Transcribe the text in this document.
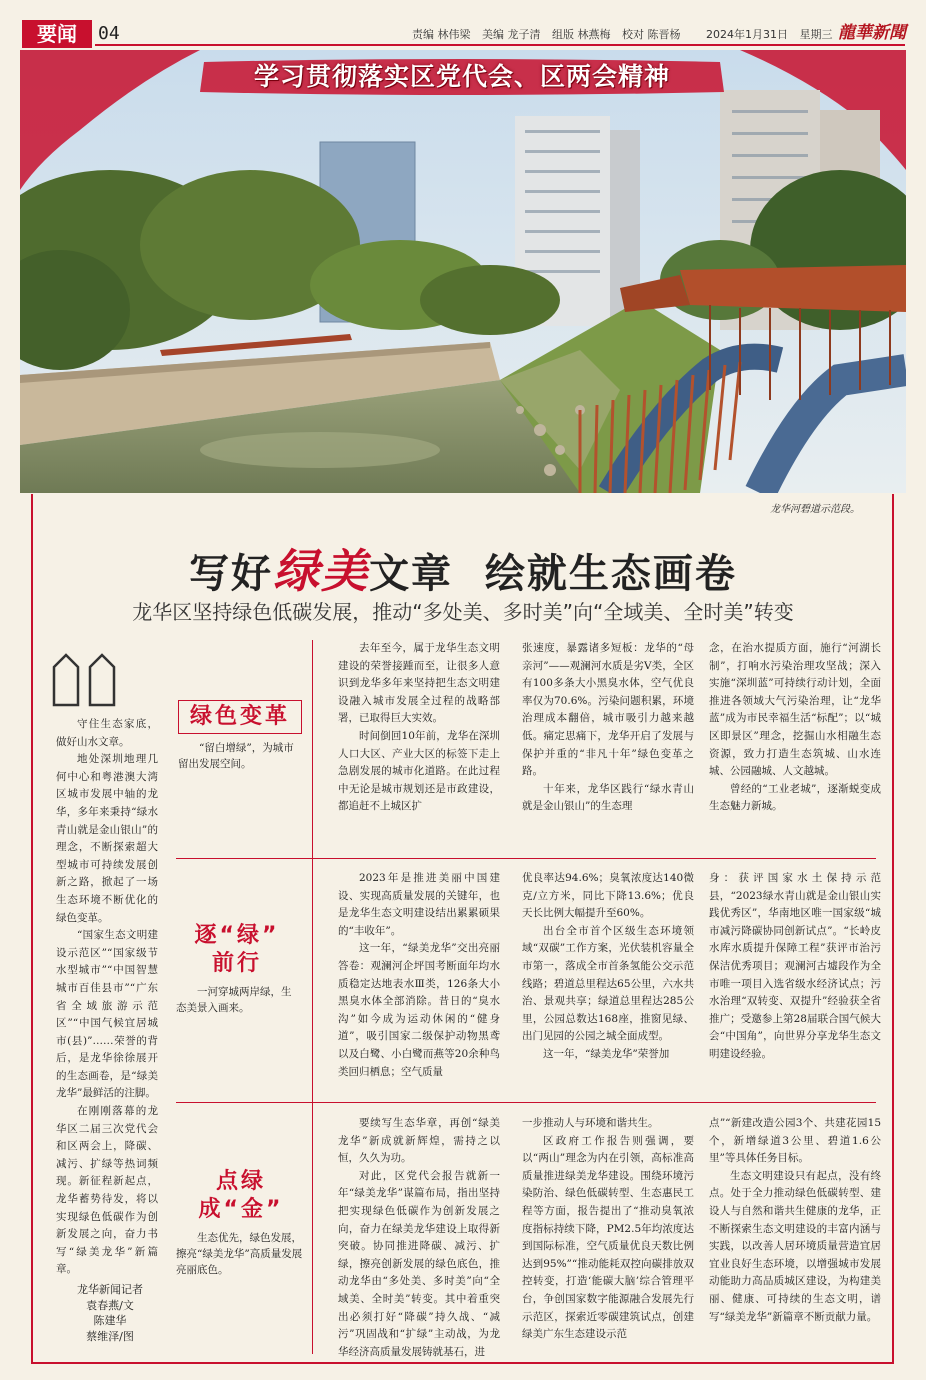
要闻	04	责编 林伟梁 美编 龙子清 组版 林燕梅 校对 陈晋杨 2024年1月31日 星期三 龍華新聞
学习贯彻落实区党代会、区两会精神
龙华河碧道示范段。
写好绿美文章  绘就生态画卷
龙华区坚持绿色低碳发展，推动“多处美、多时美”向“全域美、全时美”转变

守住生态家底，做好山水文章。

地处深圳地理几何中心和粤港澳大湾区城市发展中轴的龙华，多年来秉持“绿水青山就是金山银山”的理念，不断探索超大型城市可持续发展创新之路，掀起了一场生态环境不断优化的绿色变革。

“国家生态文明建设示范区”“国家级节水型城市”“中国智慧城市百佳县市”“广东省全域旅游示范区”“中国气候宜居城市(县)”……荣誉的背后，是龙华徐徐展开的生态画卷，是“绿美龙华”最鲜活的注脚。

在刚刚落幕的龙华区二届三次党代会和区两会上，降碳、减污、扩绿等热词频现。新征程新起点，龙华蓄势待发，将以实现绿色低碳作为创新发展之向，奋力书写“绿美龙华”新篇章。

龙华新闻记者
袁春燕/文
陈建华
蔡维泽/图
绿色变革
“留白增绿”，为城市留出发展空间。

去年至今，属于龙华生态文明建设的荣誉接踵而至，让很多人意识到龙华多年来坚持把生态文明建设融入城市发展全过程的战略部署，已取得巨大实效。

时间倒回10年前，龙华在深圳人口大区、产业大区的标签下走上急剧发展的城市化道路。在此过程中无论是城市规划还是市政建设，都追赶不上城区扩

张速度，暴露诸多短板：龙华的“母亲河”——观澜河水质是劣Ⅴ类，全区有100多条大小黑臭水体，空气优良率仅为70.6%。污染问题积累，环境治理成本翻倍，城市吸引力越来越低。痛定思痛下，龙华开启了发展与保护并重的“非凡十年”绿色变革之路。

十年来，龙华区践行“绿水青山就是金山银山”的生态理

念，在治水提质方面，施行“河湖长制”，打响水污染治理攻坚战；深入实施“深圳蓝”可持续行动计划，全面推进各领域大气污染治理，让“龙华蓝”成为市民幸福生活“标配”；以“城区即景区”理念，挖掘山水相融生态资源，致力打造生态筑城、山水连城、公园融城、人文越城。

曾经的“工业老城”，逐渐蜕变成生态魅力新城。

逐“绿”
前行
一河穿城两岸绿，生态美景入画来。

2023年是推进美丽中国建设、实现高质量发展的关键年，也是龙华生态文明建设结出累累硕果的“丰收年”。

这一年，“绿美龙华”交出亮丽答卷：观澜河企坪国考断面年均水质稳定达地表水Ⅲ类，126条大小黑臭水体全部消除。昔日的“臭水沟”如今成为运动休闲的“健身道”，吸引国家二级保护动物黑鸢以及白鹭、小白鹭而燕等20余种鸟类回归栖息；空气质量

优良率达94.6%；臭氧浓度达140微克/立方米，同比下降13.6%；优良天长比例大幅提升至60%。

出台全市首个区级生态环境领域“双碳”工作方案，光伏装机容量全市第一，落成全市首条氢能公交示范线路；碧道总里程达65公里，六水共治、景观共享；绿道总里程达285公里，公园总数达168座，推窗见绿、出门见园的公园之城全面成型。

这一年，“绿美龙华”荣誉加

身：获评国家水土保持示范县，“2023绿水青山就是金山银山实践优秀区”，华南地区唯一国家级“城市减污降碳协同创新试点”。“长岭皮水库水质提升保障工程”获评市治污保洁优秀项目；观澜河古墟段作为全市唯一项目入选省级水经济试点；污水治理“双转变、双提升”经验获全省推广；受邀参上第28届联合国气候大会“中国角”，向世界分享龙华生态文明建设经验。

点绿
成“金”
生态优先，绿色发展，擦亮“绿美龙华”高质量发展亮丽底色。

要续写生态华章，再创“绿美龙华”新成就新辉煌，需持之以恒，久久为功。

对此，区党代会报告就新一年“绿美龙华”谋篇布局，指出坚持把实现绿色低碳作为创新发展之向，奋力在绿美龙华建设上取得新突破。协同推进降碳、减污、扩绿，擦亮创新发展的绿色底色，推动龙华由“多处美、多时美”向“全域美、全时美”转变。其中着重突出必须打好“降碳”持久战、“减污”巩固战和“扩绿”主动战，为龙华经济高质量发展铸就基石，进

一步推动人与环境和谐共生。

区政府工作报告则强调，要以“两山”理念为内在引领，高标准高质量推进绿美龙华建设。围绕环境污染防治、绿色低碳转型、生态惠民工程等方面，报告提出了“推动臭氧浓度指标持续下降，PM2.5年均浓度达到国际标准，空气质量优良天数比例达到95%”“推动能耗双控向碳排放双控转变，打造‘能碳大脑’综合管理平台，争创国家数字能源融合发展先行示范区，探索近零碳建筑试点，创建绿美广东生态建设示范

点”“新建改造公园3个、共建花园15个，新增绿道3公里、碧道1.6公里”等具体任务目标。

生态文明建设只有起点，没有终点。处于全力推动绿色低碳转型、建设人与自然和谐共生健康的龙华，正不断探索生态文明建设的丰富内涵与实践，以改善人居环境质量营造宜居宜业良好生态环境，以增强城市发展动能助力高品质城区建设，为构建美丽、健康、可持续的生态文明，谱写“绿美龙华”新篇章不断贡献力量。
